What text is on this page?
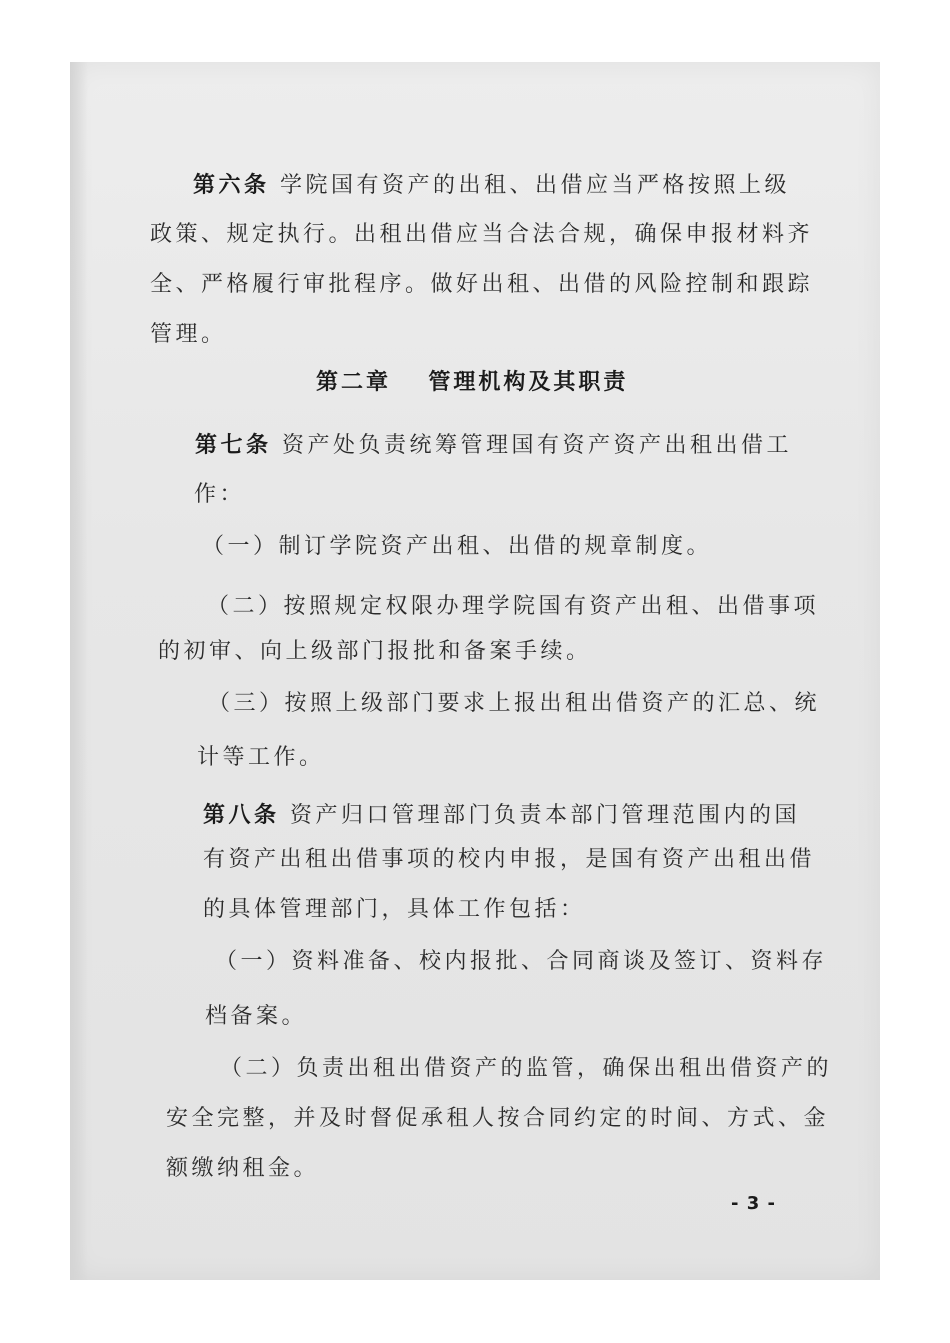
第六条 学院国有资产的出租、出借应当严格按照上级
政策、规定执行。出租出借应当合法合规，确保申报材料齐
全、严格履行审批程序。做好出租、出借的风险控制和跟踪
管理。
第二章 管理机构及其职责
第七条 资产处负责统筹管理国有资产资产出租出借工
作：
（一）制订学院资产出租、出借的规章制度。
（二）按照规定权限办理学院国有资产出租、出借事项
的初审、向上级部门报批和备案手续。
（三）按照上级部门要求上报出租出借资产的汇总、统
计等工作。
第八条 资产归口管理部门负责本部门管理范围内的国
有资产出租出借事项的校内申报，是国有资产出租出借
的具体管理部门，具体工作包括：
（一）资料准备、校内报批、合同商谈及签订、资料存
档备案。
（二）负责出租出借资产的监管，确保出租出借资产的
安全完整，并及时督促承租人按合同约定的时间、方式、金
额缴纳租金。
- 3 -
